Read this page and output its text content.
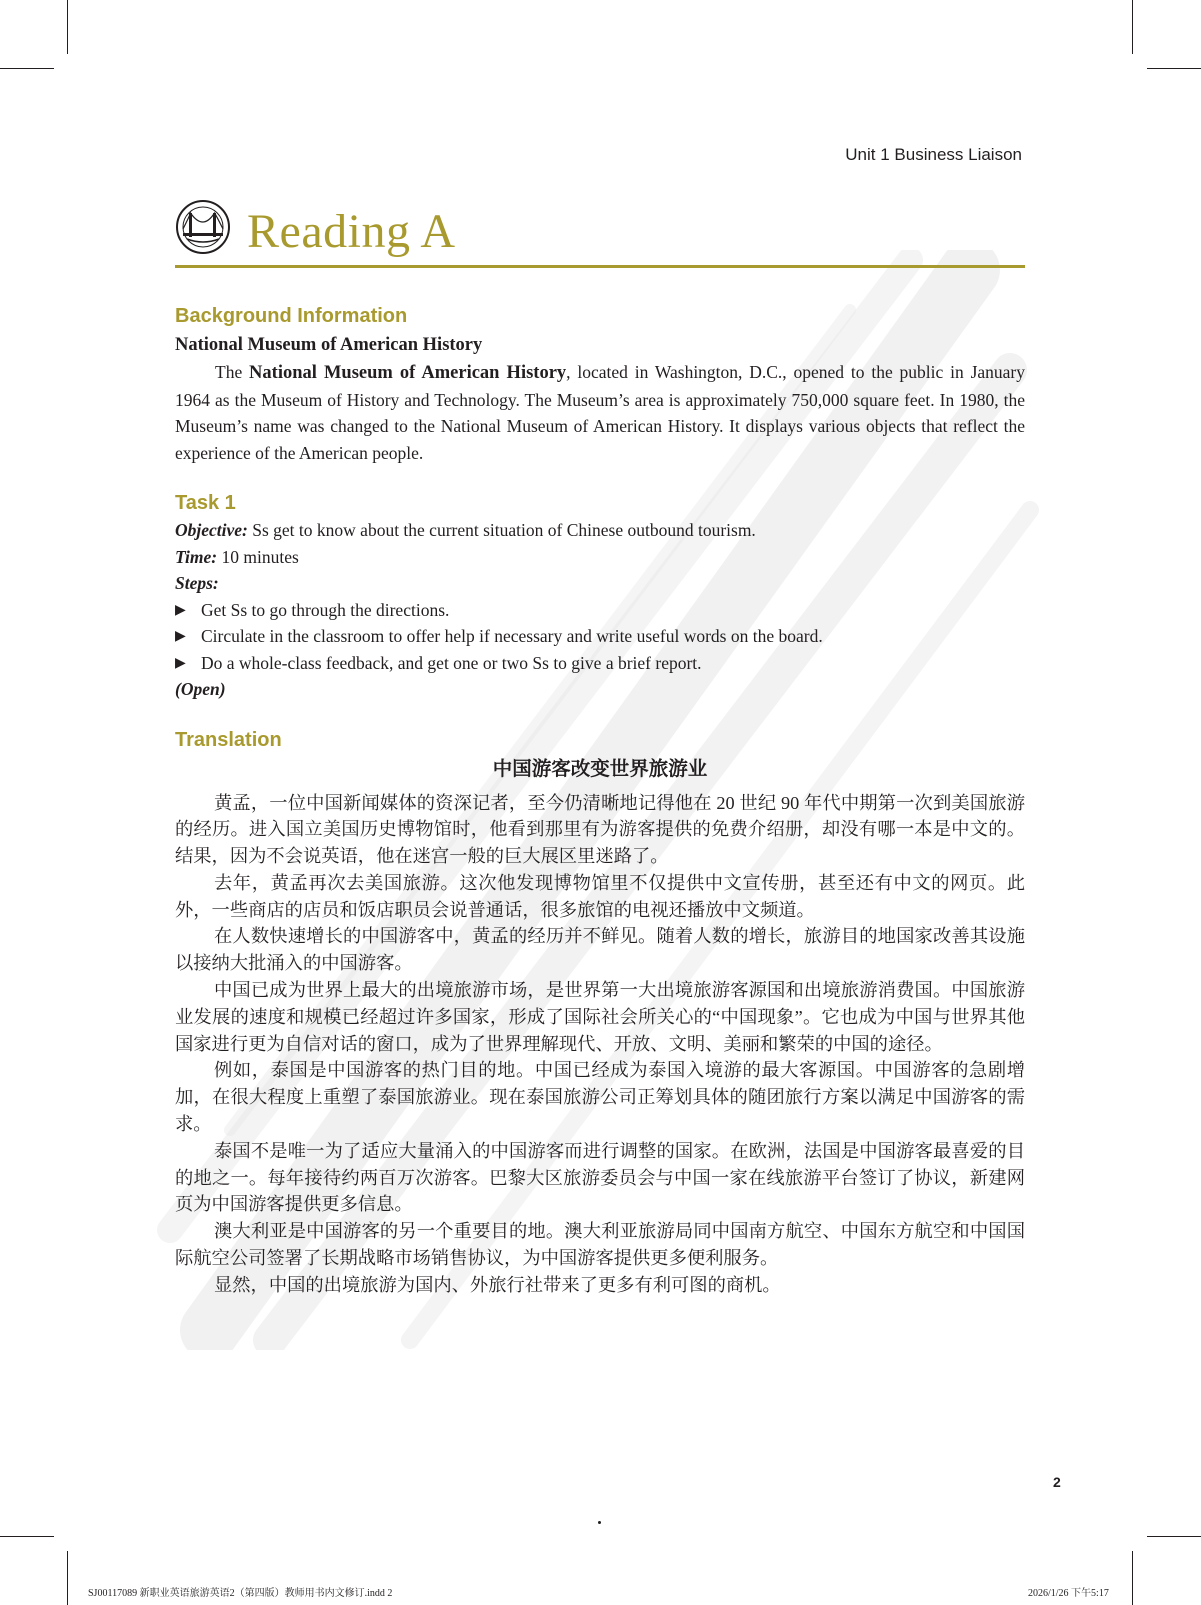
Unit 1 Business Liaison
Reading A
Background Information

National Museum of American History

The National Museum of American History, located in Washington, D.C., opened to the public in January 1964 as the Museum of History and Technology. The Museum’s area is approximately 750,000 square feet. In 1980, the Museum’s name was changed to the National Museum of American History. It displays various objects that reflect the experience of the American people.

Task 1

Objective: Ss get to know about the current situation of Chinese outbound tourism.

Time: 10 minutes

Steps:

▶ Get Ss to go through the directions.
▶ Circulate in the classroom to offer help if necessary and write useful words on the board.
▶ Do a whole-class feedback, and get one or two Ss to give a brief report.

(Open)

Translation

中国游客改变世界旅游业

黄孟，一位中国新闻媒体的资深记者，至今仍清晰地记得他在 20 世纪 90 年代中期第一次到美国旅游的经历。进入国立美国历史博物馆时，他看到那里有为游客提供的免费介绍册，却没有哪一本是中文的。结果，因为不会说英语，他在迷宫一般的巨大展区里迷路了。

去年，黄孟再次去美国旅游。这次他发现博物馆里不仅提供中文宣传册，甚至还有中文的网页。此外，一些商店的店员和饭店职员会说普通话，很多旅馆的电视还播放中文频道。

在人数快速增长的中国游客中，黄孟的经历并不鲜见。随着人数的增长，旅游目的地国家改善其设施以接纳大批涌入的中国游客。

中国已成为世界上最大的出境旅游市场，是世界第一大出境旅游客源国和出境旅游消费国。中国旅游业发展的速度和规模已经超过许多国家，形成了国际社会所关心的“中国现象”。它也成为中国与世界其他国家进行更为自信对话的窗口，成为了世界理解现代、开放、文明、美丽和繁荣的中国的途径。

例如，泰国是中国游客的热门目的地。中国已经成为泰国入境游的最大客源国。中国游客的急剧增加，在很大程度上重塑了泰国旅游业。现在泰国旅游公司正筹划具体的随团旅行方案以满足中国游客的需求。

泰国不是唯一为了适应大量涌入的中国游客而进行调整的国家。在欧洲，法国是中国游客最喜爱的目的地之一。每年接待约两百万次游客。巴黎大区旅游委员会与中国一家在线旅游平台签订了协议，新建网页为中国游客提供更多信息。

澳大利亚是中国游客的另一个重要目的地。澳大利亚旅游局同中国南方航空、中国东方航空和中国国际航空公司签署了长期战略市场销售协议，为中国游客提供更多便利服务。

显然，中国的出境旅游为国内、外旅行社带来了更多有利可图的商机。

2
SJ00117089 新职业英语旅游英语2（第四版）教师用书内文修订.indd 2	2026/1/26 下午5:17
